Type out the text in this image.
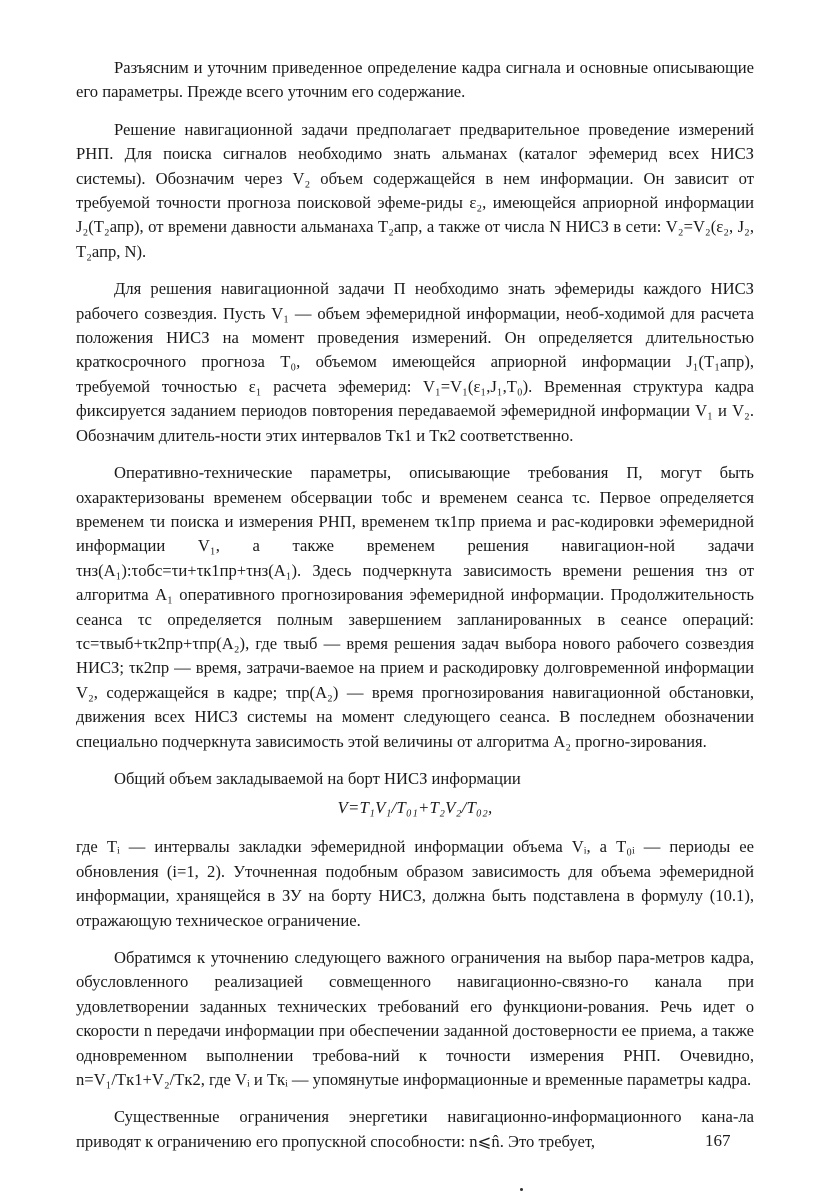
Разъясним и уточним приведенное определение кадра сигнала и основные описывающие его параметры. Прежде всего уточним его содержание.

Решение навигационной задачи предполагает предварительное проведение измерений РНП. Для поиска сигналов необходимо знать альманах (каталог эфемерид всех НИСЗ системы). Обозначим через V₂ объем содержащейся в нем информации. Он зависит от требуемой точности прогноза поисковой эфеме-риды ε₂, имеющейся априорной информации J₂(T₂апр), от времени давности альманаха T₂апр, а также от числа N НИСЗ в сети: V₂=V₂(ε₂, J₂, T₂апр, N).

Для решения навигационной задачи П необходимо знать эфемериды каждого НИСЗ рабочего созвездия. Пусть V₁ — объем эфемеридной информации, необ-ходимой для расчета положения НИСЗ на момент проведения измерений. Он определяется длительностью краткосрочного прогноза T₀, объемом имеющейся априорной информации J₁(T₁апр), требуемой точностью ε₁ расчета эфемерид: V₁=V₁(ε₁,J₁,T₀). Временная структура кадра фиксируется заданием периодов повторения передаваемой эфемеридной информации V₁ и V₂. Обозначим длитель-ности этих интервалов Tк1 и Tк2 соответственно.

Оперативно-технические параметры, описывающие требования П, могут быть охарактеризованы временем обсервации τобс и временем сеанса τс. Первое определяется временем τи поиска и измерения РНП, временем τк1пр приема и рас-кодировки эфемеридной информации V₁, а также временем решения навигацион-ной задачи τнз(A₁):τобс=τи+τк1пр+τнз(A₁). Здесь подчеркнута зависимость времени решения τнз от алгоритма A₁ оперативного прогнозирования эфемеридной информации. Продолжительность сеанса τс определяется полным завершением запланированных в сеансе операций: τс=τвыб+τк2пр+τпр(A₂), где τвыб — время решения задач выбора нового рабочего созвездия НИСЗ; τк2пр — время, затрачи-ваемое на прием и раскодировку долговременной информации V₂, содержащейся в кадре; τпр(A₂) — время прогнозирования навигационной обстановки, движения всех НИСЗ системы на момент следующего сеанса. В последнем обозначении специально подчеркнута зависимость этой величины от алгоритма A₂ прогно-зирования.

Общий объем закладываемой на борт НИСЗ информации

V=T₁V₁/T₀₁+T₂V₂/T₀₂,

где Tᵢ — интервалы закладки эфемеридной информации объема Vᵢ, а T₀ᵢ — периоды ее обновления (i=1, 2). Уточненная подобным образом зависимость для объема эфемеридной информации, хранящейся в ЗУ на борту НИСЗ, должна быть подставлена в формулу (10.1), отражающую техническое ограничение.

Обратимся к уточнению следующего важного ограничения на выбор пара-метров кадра, обусловленного реализацией совмещенного навигационно-связно-го канала при удовлетворении заданных технических требований его функциони-рования. Речь идет о скорости n передачи информации при обеспечении заданной достоверности ее приема, а также одновременном выполнении требова-ний к точности измерения РНП. Очевидно, n=V₁/Tк1+V₂/Tк2, где Vᵢ и Tкᵢ — упомянутые информационные и временные параметры кадра.

Существенные ограничения энергетики навигационно-информационного кана-ла приводят к ограничению его пропускной способности: n⩽n̂. Это требует,	167
